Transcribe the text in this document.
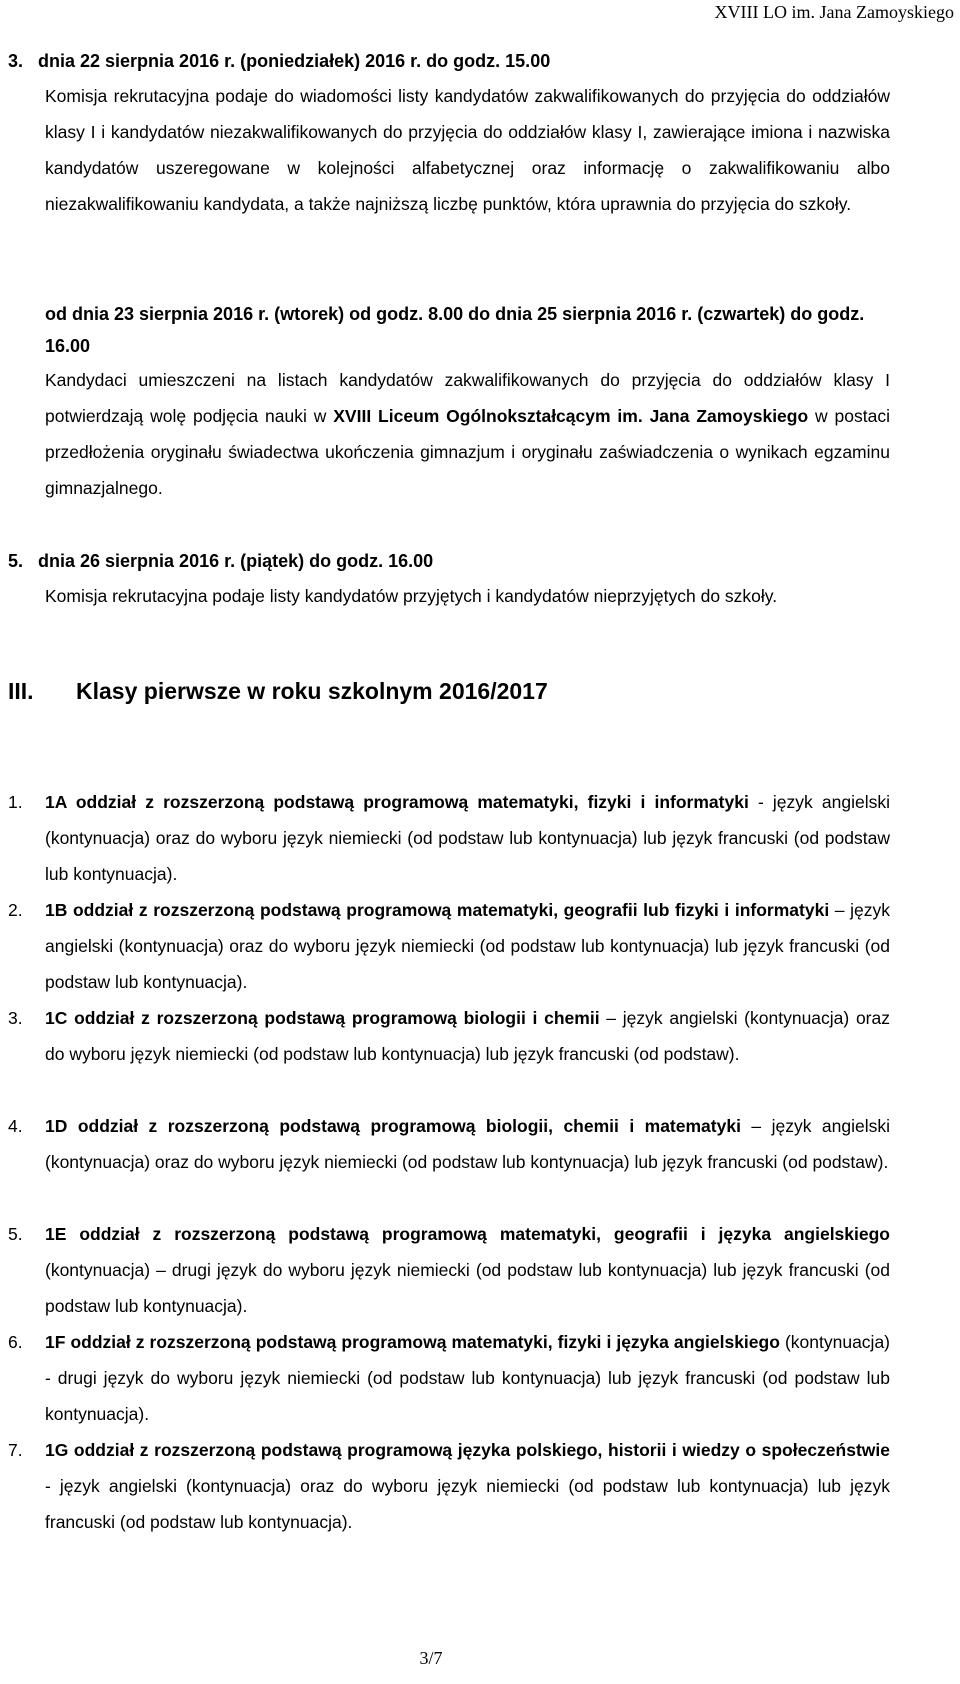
XVIII LO im. Jana Zamoyskiego
3. dnia 22 sierpnia 2016 r. (poniedziałek) 2016 r. do godz. 15.00
Komisja rekrutacyjna podaje do wiadomości listy kandydatów zakwalifikowanych do przyjęcia do oddziałów klasy I i kandydatów niezakwalifikowanych do przyjęcia do oddziałów klasy I, zawierające imiona i nazwiska kandydatów uszeregowane w kolejności alfabetycznej oraz informację o zakwalifikowaniu albo niezakwalifikowaniu kandydata, a także najniższą liczbę punktów, która uprawnia do przyjęcia do szkoły.
od dnia 23 sierpnia 2016 r. (wtorek) od godz. 8.00 do dnia 25 sierpnia 2016 r. (czwartek) do godz. 16.00
Kandydaci umieszczeni na listach kandydatów zakwalifikowanych do przyjęcia do oddziałów klasy I potwierdzają wolę podjęcia nauki w XVIII Liceum Ogólnokształcącym im. Jana Zamoyskiego w postaci przedłożenia oryginału świadectwa ukończenia gimnazjum i oryginału zaświadczenia o wynikach egzaminu gimnazjalnego.
5. dnia 26 sierpnia 2016 r. (piątek) do godz. 16.00
Komisja rekrutacyjna podaje listy kandydatów przyjętych i kandydatów nieprzyjętych do szkoły.
III. Klasy pierwsze w roku szkolnym 2016/2017
1.	1A oddział z rozszerzoną podstawą programową matematyki, fizyki i informatyki - język angielski (kontynuacja) oraz do wyboru język niemiecki (od podstaw lub kontynuacja) lub język francuski (od podstaw lub kontynuacja).
2.	1B oddział z rozszerzoną podstawą programową matematyki, geografii lub fizyki i informatyki – język angielski (kontynuacja) oraz do wyboru język niemiecki (od podstaw lub kontynuacja) lub język francuski (od podstaw lub kontynuacja).
3.	1C oddział z rozszerzoną podstawą programową biologii i chemii – język angielski (kontynuacja) oraz do wyboru język niemiecki (od podstaw lub kontynuacja) lub język francuski (od podstaw).
4.	1D oddział z rozszerzoną podstawą programową biologii, chemii i matematyki – język angielski (kontynuacja) oraz do wyboru język niemiecki (od podstaw lub kontynuacja) lub język francuski (od podstaw).
5.	1E oddział z rozszerzoną podstawą programową matematyki, geografii i języka angielskiego (kontynuacja) – drugi język do wyboru język niemiecki (od podstaw lub kontynuacja) lub język francuski (od podstaw lub kontynuacja).
6.	1F oddział z rozszerzoną podstawą programową matematyki, fizyki i języka angielskiego (kontynuacja) - drugi język do wyboru język niemiecki (od podstaw lub kontynuacja) lub język francuski (od podstaw lub kontynuacja).
7.	1G oddział z rozszerzoną podstawą programową języka polskiego, historii i wiedzy o społeczeństwie - język angielski (kontynuacja) oraz do wyboru język niemiecki (od podstaw lub kontynuacja) lub język francuski (od podstaw lub kontynuacja).
3/7
